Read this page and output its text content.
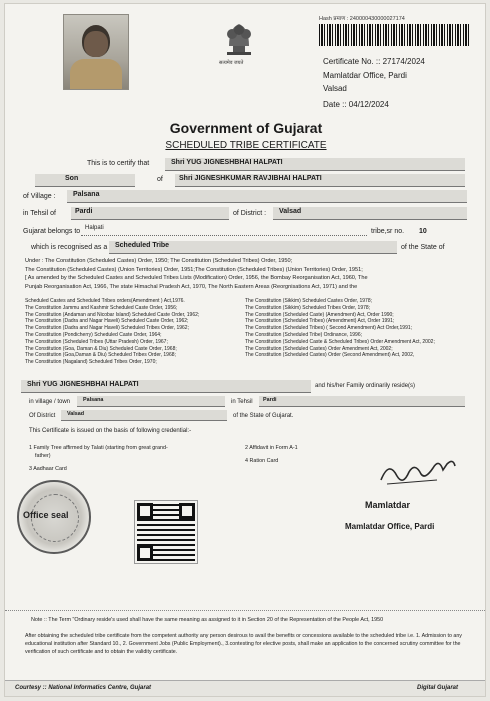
सत्यमेव जयते
Hash प्रमाण : 240000430000027174
Certificate No. :: 27174/2024
Mamlatdar Office, Pardi
Valsad
Date :: 04/12/2024
Government of Gujarat
SCHEDULED TRIBE CERTIFICATE
This is to certify that	Shri YUG JIGNESHBHAI HALPATI
Son	of Shri JIGNESHKUMAR RAVJIBHAI HALPATI
of Village : Palsana
in Tehsil of	Pardi	of District : Valsad
Gujarat belongs to Halpati	tribe,sr no. 10
which is recognised as a Scheduled Tribe	of the State of
Under : The Constitution (Scheduled Castes) Order, 1950; The Constitution (Scheduled Tribes) Order, 1950;
The Constitution (Scheduled Castes) (Union Territories) Order, 1951;The Constitution (Scheduled Tribes) (Union Territories) Order, 1951;
[ As amended by the Scheduled Castes and Scheduled Tribes Lists (Modification) Order, 1956, the Bombay Reorganisation Act, 1960, The
Punjab Reorganisation Act, 1966, The state Himachal Pradesh Act, 1970, The North Eastern Areas (Reorgnisations Act, 1971) and the
Scheduled Castes and Scheduled Tribes orders(Amendment ) Act,1976.
The Constitution Jammu and Kashmir Scheduled Caste Order, 1956;
The Constitution (Andaman and Nicobar Island) Scheduled Caste Order, 1962;
The Constitution (Dadra and Nagar Haveli) Scheduled Caste Order, 1962;
The Constitution (Dadra and Nagar Haveli) Scheduled Tribes Order, 1962;
The Constitution (Pondicherry) Scheduled Caste Order, 1964;
The Constitution (Scheduled Tribes (Uttar Pradesh) Order, 1967;
The Constitution (Goa, Daman & Diu) Scheduled Caste Order, 1968;
The Constitution (Goa,Daman & Diu) Scheduled Tribes Order, 1968;
The Constitution (Nagaland) Scheduled Tribes Order, 1970;
The Constitution (Sikkim) Scheduled Castes Order, 1978;
The Constitution (Sikkim) Scheduled Tribes Order, 1978;
The Constitution (Scheduled Caste) (Amendment) Act, Order 1990;
The Constitution (Scheduled Tribes) (Amendment) Act, Order 1991;
The Constitution (Scheduled Tribes) ( Second Amendment) Act Order,1991;
The Constitution (Scheduled Tribe) Ordinance, 1996;
The Constitution (Scheduled Caste & Scheduled Tribes) Order Amendment Act, 2002;
The Constitution (Scheduled Castes) Order Amendment Act, 2002;
The Constitution (Scheduled Castes) Order (Second Amendment) Act, 2002,
Shri YUG JIGNESHBHAI HALPATI	and his/her Family ordinarily reside(s)
in village / town Palsana	in Tehsil Pardi
Of District Valsad	of the State of Gujarat.
This Certificate is issued on the basis of following credential:-
1 Family Tree affirmed by Talati (starting from great grand-
father)
2 Affidavit in Form A-1
3 Aadhaar Card
4 Ration Card
Office seal
Mamlatdar
Mamlatdar Office, Pardi
Note :: The Term "Ordinary reside's used shall have the same meaning as assigned to it in Section 20 of the Representation of the People Act, 1950
After obtaining the scheduled tribe certificate from the competent authority any person desirous to avail the benefits or concessions available to the scheduled tribe i.e. 1. Admission to any educational institution after Standard 10., 2. Government Jobs (Public Employment)., 3.contesting for elective posts, shall make an application to the concerned scrutiny committee for the verification of such certificate and to obtain the validity certificate.
Courtesy :: National Informatics Centre, Gujarat	Digital Gujarat
